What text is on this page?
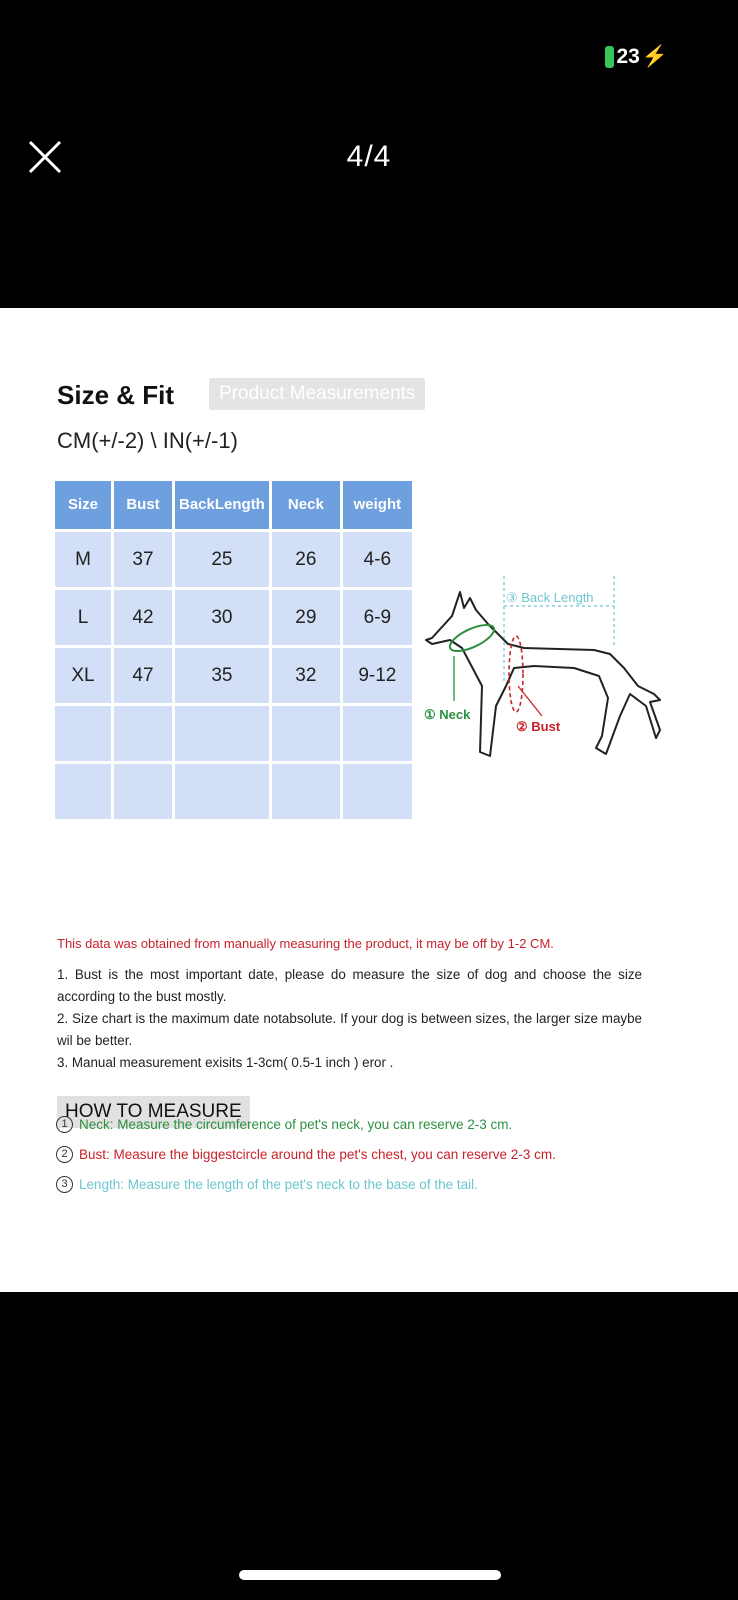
23 ⚡
4/4
Size & Fit	Product Measurements
CM(+/-2) \ IN(+/-1)
Size	Bust	BackLength	Neck	weight
M	37	25	26	4-6
L	42	30	29	6-9
XL	47	35	32	9-12

③ Back Length
① Neck
② Bust
This data was obtained from manually measuring the product, it may be off by 1-2 CM.

1. Bust is the most important date, please do measure the size of dog and choose the size according to the bust mostly.

2. Size chart is the maximum date notabsolute. If your dog is between sizes, the larger size maybe wil be better.

3. Manual measurement exisits 1-3cm( 0.5-1 inch ) eror .

HOW TO MEASURE
1 Neck: Measure the circumference of pet's neck, you can reserve 2-3 cm.
2 Bust: Measure the biggestcircle around the pet's chest, you can reserve 2-3 cm.
3 Length: Measure the length of the pet's neck to the base of the tail.
